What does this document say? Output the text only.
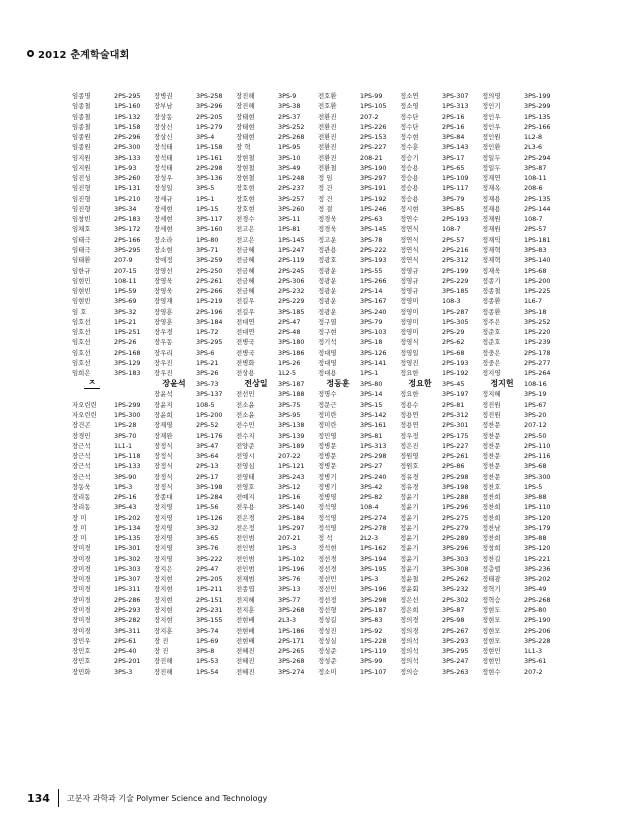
2012 춘계학술대회
임종명	2PS-295	장병권	3PS-258	장진해	3PS-9	전호환	1PS-99	정소연	3PS-307	정의영	3PS-199
임종철	1PS-160	장부남	3PS-296	장진해	3PS-38	전호환	1PS-105	정소영	1PS-313	정인기	3PS-299
임종철	1PS-132	장상동	2PS-205	장태현	2PS-37	전환진	207-2	정수단	2PS-16	정인우	1PS-135
임종철	1PS-158	장상신	1PS-279	장태현	3PS-252	전환진	1PS-226	정수단	2PS-16	정인우	2PS-166
임종원	2PS-296	장상신	3PS-4	장태현	2PS-268	전환진	2PS-153	정수현	3PS-84	정인원	1L2-8
임종원	2PS-300	장석태	1PS-158	장 혁	1PS-95	전환진	2PS-227	정수훈	3PS-143	정인환	2L3-6
임지원	3PS-133	장석태	1PS-161	장현철	3PS-10	전환진	208-21	정승기	3PS-17	정일두	2PS-294
임지원	1PS-93	장석태	2PS-298	장현철	3PS-49	전환철	3PS-190	정승용	1PS-65	정일두	3PS-87
임진성	3PS-260	장성우	3PS-136	장현철	1PS-248	정 임	3PS-297	정승용	1PS-109	정재연	108-11
임진형	1PS-131	장성일	3PS-5	장호현	2PS-237	정 건	3PS-191	정승용	1PS-117	정재옥	208-6
임진형	1PS-210	장세규	1PS-1	장호현	3PS-257	정 건	1PS-192	정승용	3PS-79	정재용	2PS-135
임진형	3PS-34	장세현	1PS-15	장호현	3PS-260	정 결	1PS-246	정시현	3PS-85	정재용	2PS-144
임창빈	2PS-183	장세현	3PS-117	전경수	3PS-11	정경욱	2PS-63	정연수	2PS-193	정재원	108-7
임채호	3PS-172	장세현	3PS-160	전고은	1PS-81	정경욱	3PS-145	정연식	108-7	정재원	2PS-57
임태극	2PS-166	장소라	1PS-80	전고은	1PS-145	정고운	3PS-78	정연식	2PS-57	정재익	1PS-181
임태극	3PS-295	장소현	3PS-71	전금혜	1PS-247	정관용	2PS-222	정연식	2PS-216	정재혁	3PS-83
임태환	207-9	장애정	3PS-259	전금혜	2PS-119	정광호	3PS-193	정연식	2PS-312	정재혁	3PS-140
임한규	207-15	장영선	2PS-250	전금혜	2PS-245	정광운	1PS-55	정영규	2PS-199	정재욱	1PS-68
임현민	108-11	장영욱	2PS-261	전금혜	2PS-306	정광운	1PS-266	정영규	2PS-229	정종기	1PS-200
임현빈	1PS-59	장영욱	2PS-266	전금혜	2PS-232	정광운	2PS-14	정영규	3PS-185	정종철	1PS-225
임현빈	3PS-69	장영재	1PS-219	전길우	2PS-229	정광운	3PS-167	정영미	108-3	정종환	1L6-7
임 호	3PS-32	장영훈	2PS-196	전길우	3PS-185	정광운	3PS-240	정영미	1PS-287	정종환	3PS-18
임호선	1PS-21	장영훈	3PS-184	전대연	2PS-47	정구열	3PS-79	정영미	1PS-305	정주은	3PS-252
임호선	1PS-251	장우경	1PS-72	전대연	2PS-48	정구현	3PS-103	정영미	2PS-29	정준호	1PS-220
임호선	2PS-26	장우동	3PS-295	전병국	3PS-180	정기석	3PS-18	정영식	2PS-62	정준호	1PS-239
임호선	2PS-168	장우리	3PS-6	전병국	3PS-186	정대영	3PS-126	정영일	1PS-68	정중은	2PS-178
임호선	3PS-129	장우진	1PS-21	전병화	1PS-26	정대영	3PS-141	정영진	2PS-193	정중은	2PS-277
임희은	3PS-183	장우진	3PS-26	전상용	1L2-5	정대용	1PS-1	정요한	1PS-192	정지영	1PS-264
ㅈ		장윤석	3PS-73	전상일	3PS-187	정동훈	3PS-80	정요한	3PS-45	정지헌	108-16
		장윤석	3PS-137	전선민	3PS-188	정명수	3PS-14	정요한	3PS-197	정지혜	3PS-19
자오린린	1PS-299	장윤지	108-5	전소윤	3PS-75	정문근	3PS-15	정용수	2PS-81	정진원	1PS-67
자오린린	1PS-300	장윤희	1PS-200	전소윤	3PS-95	정미란	3PS-142	정용연	2PS-312	정진원	3PS-20
장건곤	1PS-28	장재영	2PS-52	전수민	3PS-138	정미란	3PS-161	정용연	2PS-301	정찬문	207-12
장경민	3PS-70	장재완	1PS-176	전수지	3PS-139	정민영	3PS-81	정우정	2PS-175	정찬문	2PS-50
장근석	1L1-1	장정식	3PS-47	전양준	3PS-189	정병문	1PS-313	정은진	1PS-227	정찬문	2PS-110
장근석	1PS-118	장정식	3PS-64	전영시	207-22	정병문	2PS-298	정원영	2PS-261	정찬문	2PS-116
장근석	1PS-133	장정식	2PS-13	전영심	1PS-121	정병문	2PS-27	정원호	2PS-86	정찬문	3PS-68
장근석	3PS-90	장정식	2PS-17	전영태	3PS-243	정병기	2PS-240	정유경	2PS-298	정찬문	3PS-300
장동욱	1PS-3	장정식	3PS-198	전영호	3PS-12	정병기	3PS-42	정유경	3PS-198	정찬호	1PS-5
장리동	2PS-16	장종대	1PS-284	전예지	1PS-16	정병영	2PS-82	정윤기	1PS-288	정찬희	3PS-88
장리동	3PS-43	장지영	1PS-56	전우용	3PS-140	정석영	108-4	정윤기	1PS-296	정찬희	1PS-110
장 미	1PS-202	장지영	1PS-126	전은경	2PS-184	정석영	2PS-274	정윤기	2PS-275	정찬희	3PS-120
장 미	1PS-134	장지영	3PS-32	전은정	1PS-297	정석영	2PS-278	정윤기	2PS-279	정찬남	3PS-179
장 미	1PS-135	장지영	3PS-65	전인범	207-21	정 석	2L2-3	정윤기	2PS-289	정찬희	3PS-88
장미경	1PS-301	장지영	3PS-76	전인범	1PS-3	정석현	1PS-162	정윤기	3PS-296	정창희	3PS-120
장미경	1PS-302	장지영	3PS-222	전인범	1PS-102	정선경	3PS-194	정윤기	3PS-303	정찬길	1PS-221
장미경	1PS-303	장지은	2PS-47	전인범	1PS-196	정선경	3PS-195	정윤기	3PS-308	정층렬	3PS-236
장미경	1PS-307	장지현	2PS-205	전재범	3PS-76	정선민	1PS-3	정윤철	2PS-262	정태광	3PS-202
장미경	1PS-311	장지현	1PS-211	전종엽	3PS-13	정선민	3PS-196	정윤회	3PS-232	정혁기	3PS-49
장미경	2PS-286	장지현	2PS-151	전지혜	3PS-77	정선정	3PS-298	정은선	2PS-302	정혁승	2PS-268
장미경	2PS-293	장지현	2PS-231	전지훈	3PS-268	정선형	2PS-187	정은희	3PS-87	정현도	2PS-80
장미경	3PS-282	장지현	3PS-155	전현배	2L3-3	정성길	3PS-83	정의경	2PS-98	정현모	2PS-190
장미경	3PS-311	장지훈	3PS-74	전현배	1PS-186	정성진	1PS-92	정의경	2PS-267	정현모	2PS-206
장민우	2PS-61	장 진	1PS-69	전현배	2PS-171	정성실	1PS-228	정의석	3PS-293	정현모	3PS-228
장민호	2PS-40	장 진	3PS-8	전혜진	2PS-265	정성준	1PS-119	정의석	3PS-295	정현민	1L1-3
장민호	2PS-201	장진해	1PS-53	전혜진	3PS-268	정성준	3PS-99	정의석	3PS-247	정현민	3PS-61
장민화	3PS-3	장진해	1PS-54	전혜진	3PS-274	정소미	1PS-107	정의승	3PS-263	정현수	207-2
134 고분자 과학과 기술 Polymer Science and Technology
